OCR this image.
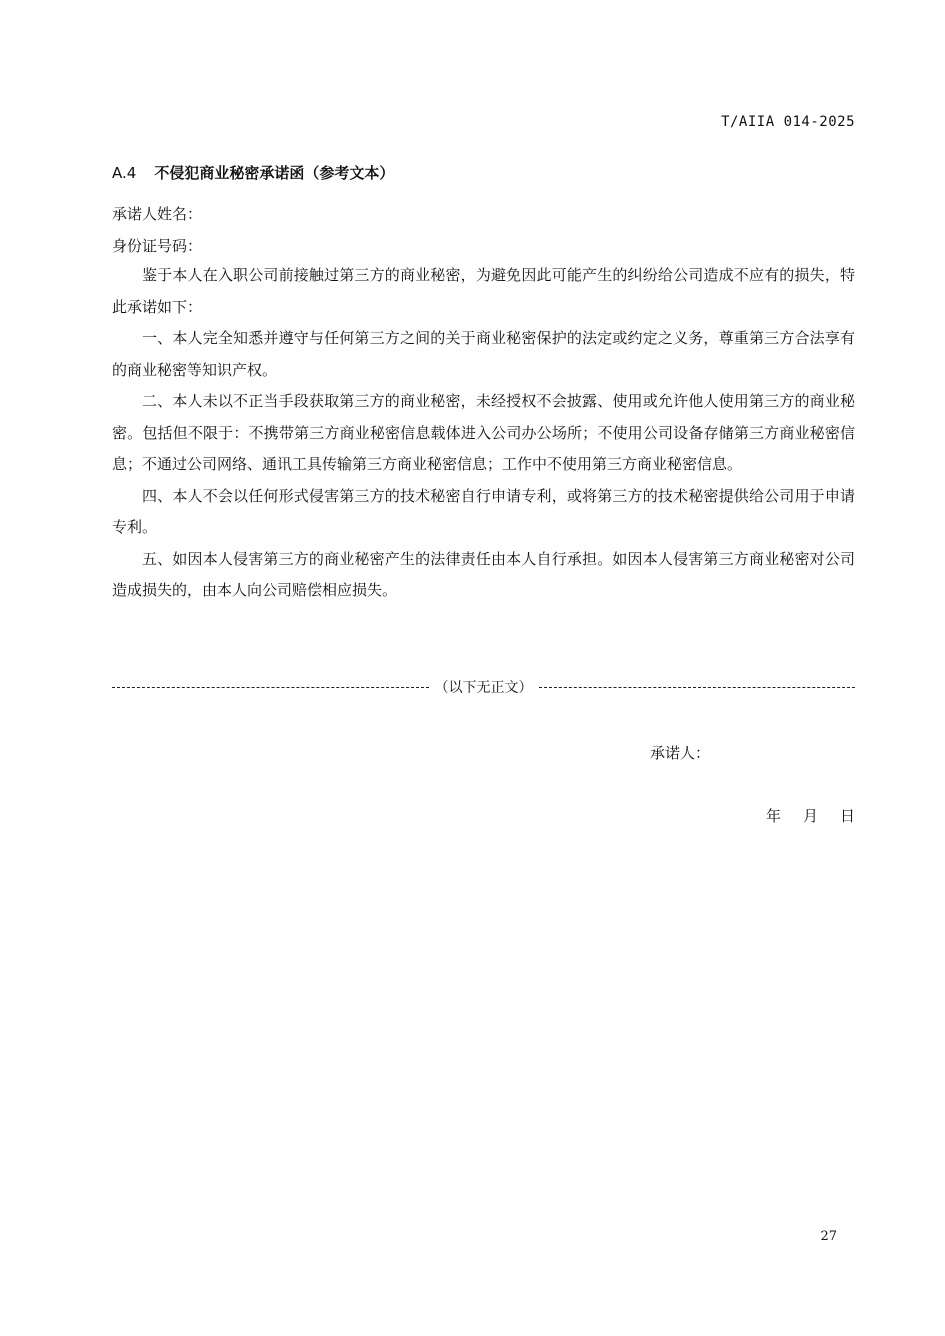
T/AIIA 014-2025
A.4 不侵犯商业秘密承诺函（参考文本）
承诺人姓名：
身份证号码：

鉴于本人在入职公司前接触过第三方的商业秘密，为避免因此可能产生的纠纷给公司造成不应有的损失，特此承诺如下：

一、本人完全知悉并遵守与任何第三方之间的关于商业秘密保护的法定或约定之义务，尊重第三方合法享有的商业秘密等知识产权。

二、本人未以不正当手段获取第三方的商业秘密，未经授权不会披露、使用或允许他人使用第三方的商业秘密。包括但不限于：不携带第三方商业秘密信息载体进入公司办公场所；不使用公司设备存储第三方商业秘密信息；不通过公司网络、通讯工具传输第三方商业秘密信息；工作中不使用第三方商业秘密信息。

四、本人不会以任何形式侵害第三方的技术秘密自行申请专利，或将第三方的技术秘密提供给公司用于申请专利。

五、如因本人侵害第三方的商业秘密产生的法律责任由本人自行承担。如因本人侵害第三方商业秘密对公司造成损失的，由本人向公司赔偿相应损失。

（以下无正文）
承诺人：
年 月 日
27
